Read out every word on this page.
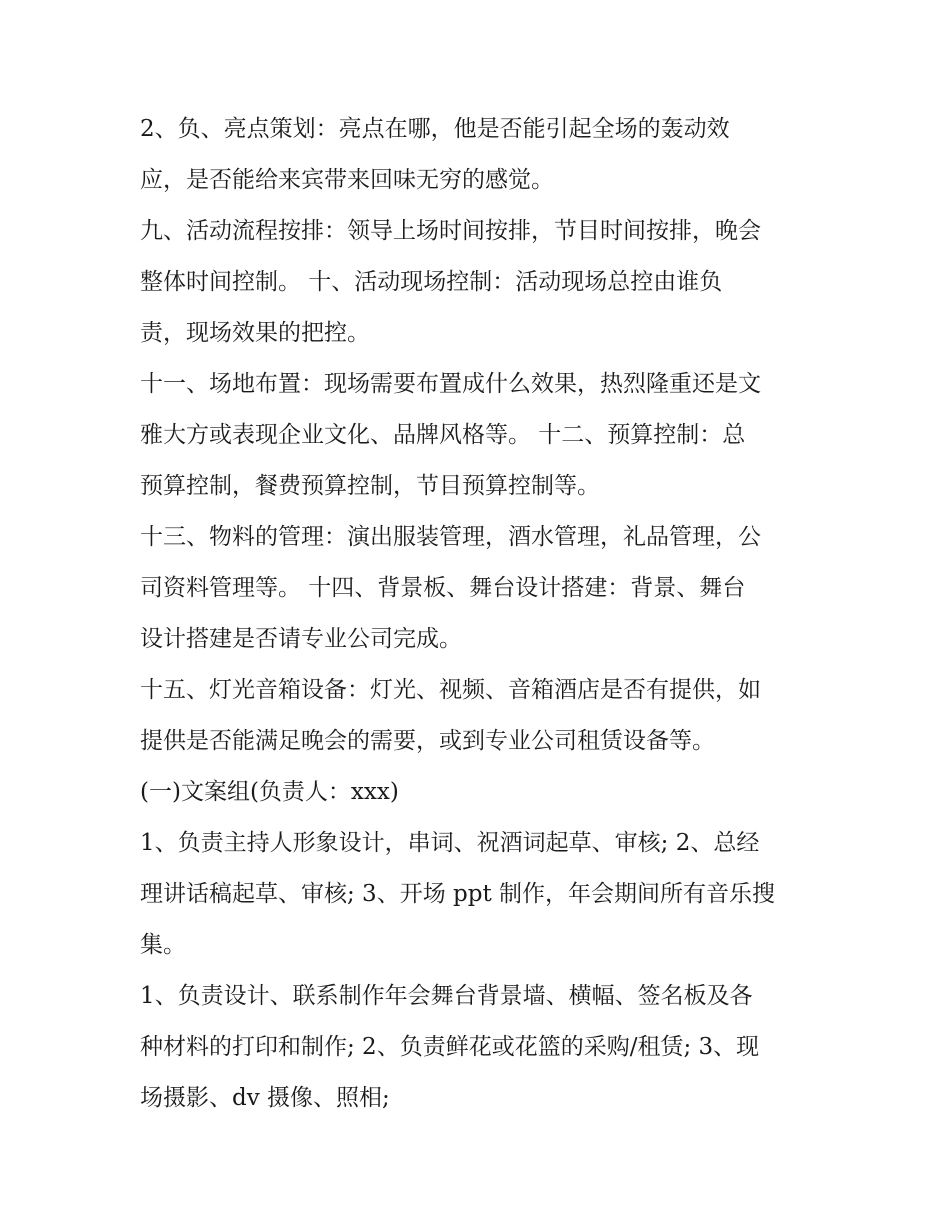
2、负、亮点策划：亮点在哪，他是否能引起全场的轰动效
应，是否能给来宾带来回味无穷的感觉。
九、活动流程按排：领导上场时间按排，节目时间按排，晚会
整体时间控制。 十、活动现场控制：活动现场总控由谁负
责，现场效果的把控。
十一、场地布置：现场需要布置成什么效果，热烈隆重还是文
雅大方或表现企业文化、品牌风格等。 十二、预算控制：总
预算控制，餐费预算控制，节目预算控制等。
十三、物料的管理：演出服装管理，酒水管理，礼品管理，公
司资料管理等。 十四、背景板、舞台设计搭建：背景、舞台
设计搭建是否请专业公司完成。
十五、灯光音箱设备：灯光、视频、音箱酒店是否有提供，如
提供是否能满足晚会的需要，或到专业公司租赁设备等。
(一)文案组(负责人：xxx)
1、负责主持人形象设计，串词、祝酒词起草、审核; 2、总经
理讲话稿起草、审核; 3、开场 ppt 制作，年会期间所有音乐搜
集。
1、负责设计、联系制作年会舞台背景墙、横幅、签名板及各
种材料的打印和制作; 2、负责鲜花或花篮的采购/租赁; 3、现
场摄影、dv 摄像、照相;
